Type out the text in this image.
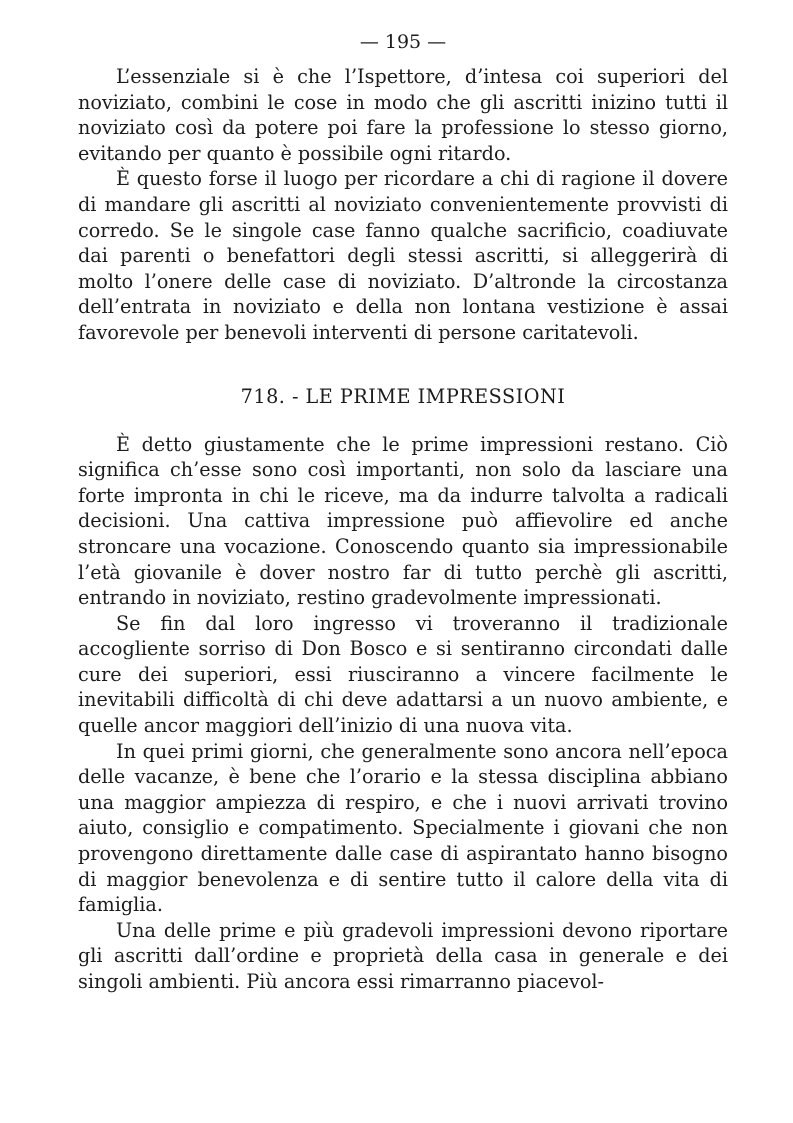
— 195 —

L’essenziale si è che l’Ispettore, d’intesa coi superiori del noviziato, combini le cose in modo che gli ascritti inizino tutti il noviziato così da potere poi fare la professione lo stesso giorno, evitando per quanto è possibile ogni ritardo.

È questo forse il luogo per ricordare a chi di ragione il dovere di mandare gli ascritti al noviziato convenientemente provvisti di corredo. Se le singole case fanno qualche sacrificio, coadiuvate dai parenti o benefattori degli stessi ascritti, si alleggerirà di molto l’onere delle case di noviziato. D’altronde la circostanza dell’entrata in noviziato e della non lontana vestizione è assai favorevole per benevoli interventi di persone caritatevoli.

718. - LE PRIME IMPRESSIONI

È detto giustamente che le prime impressioni restano. Ciò significa ch’esse sono così importanti, non solo da lasciare una forte impronta in chi le riceve, ma da indurre talvolta a radicali decisioni. Una cattiva impressione può affievolire ed anche stroncare una vocazione. Conoscendo quanto sia impressionabile l’età giovanile è dover nostro far di tutto perchè gli ascritti, entrando in noviziato, restino gradevolmente impressionati.

Se fin dal loro ingresso vi troveranno il tradizionale accogliente sorriso di Don Bosco e si sentiranno circondati dalle cure dei superiori, essi riusciranno a vincere facilmente le inevitabili difficoltà di chi deve adattarsi a un nuovo ambiente, e quelle ancor maggiori dell’inizio di una nuova vita.

In quei primi giorni, che generalmente sono ancora nell’epoca delle vacanze, è bene che l’orario e la stessa disciplina abbiano una maggior ampiezza di respiro, e che i nuovi arrivati trovino aiuto, consiglio e compatimento. Specialmente i giovani che non provengono direttamente dalle case di aspirantato hanno bisogno di maggior benevolenza e di sentire tutto il calore della vita di famiglia.

Una delle prime e più gradevoli impressioni devono riportare gli ascritti dall’ordine e proprietà della casa in generale e dei singoli ambienti. Più ancora essi rimarranno piacevol-
